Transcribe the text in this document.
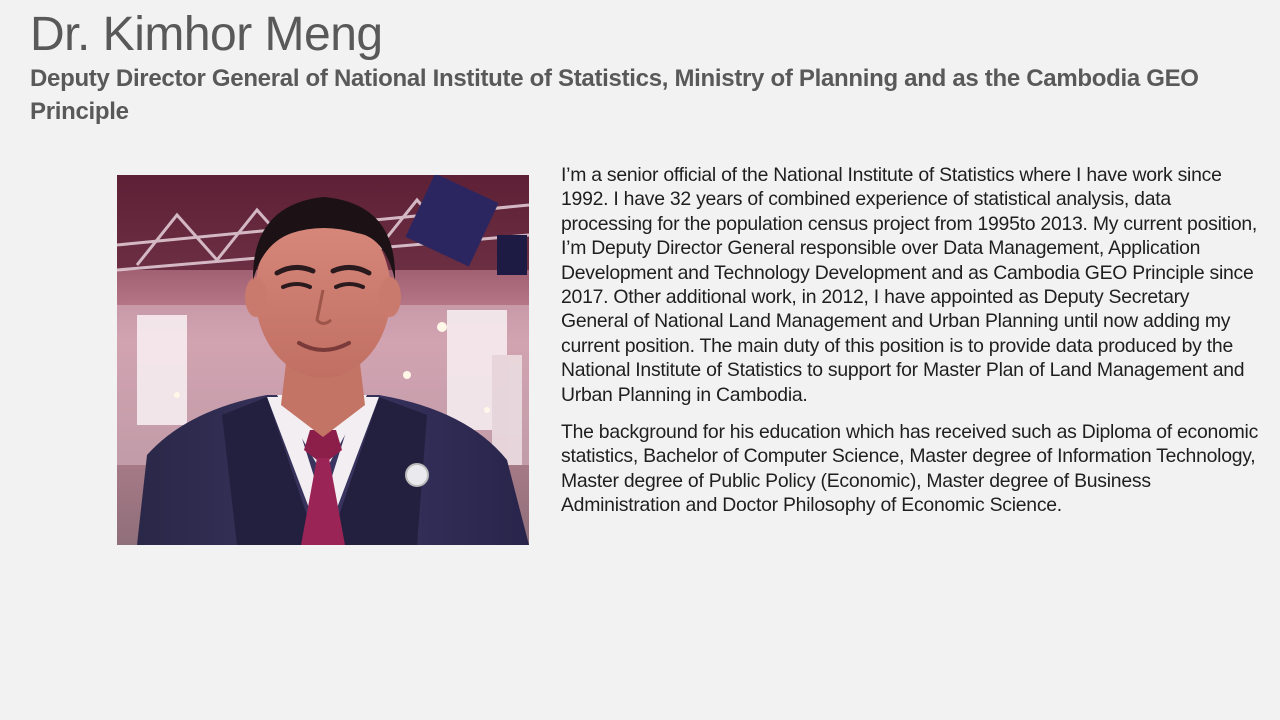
Dr. Kimhor Meng
Deputy Director General of National Institute of Statistics, Ministry of Planning and as the Cambodia GEO Principle

I’m a senior official of the National Institute of Statistics where I have work since 1992. I have 32 years of combined experience of statistical analysis, data processing for the population census project from 1995to 2013. My current position, I’m Deputy Director General responsible over Data Management, Application Development and Technology Development and as Cambodia GEO Principle since 2017. Other additional work, in 2012, I have appointed as Deputy Secretary General of National Land Management and Urban Planning until now adding my current position. The main duty of this position is to provide data produced by the National Institute of Statistics to support for Master Plan of Land Management and Urban Planning in Cambodia.

The background for his education which has received such as Diploma of economic statistics, Bachelor of Computer Science, Master degree of Information Technology, Master degree of Public Policy (Economic), Master degree of Business Administration and Doctor Philosophy of Economic Science.
